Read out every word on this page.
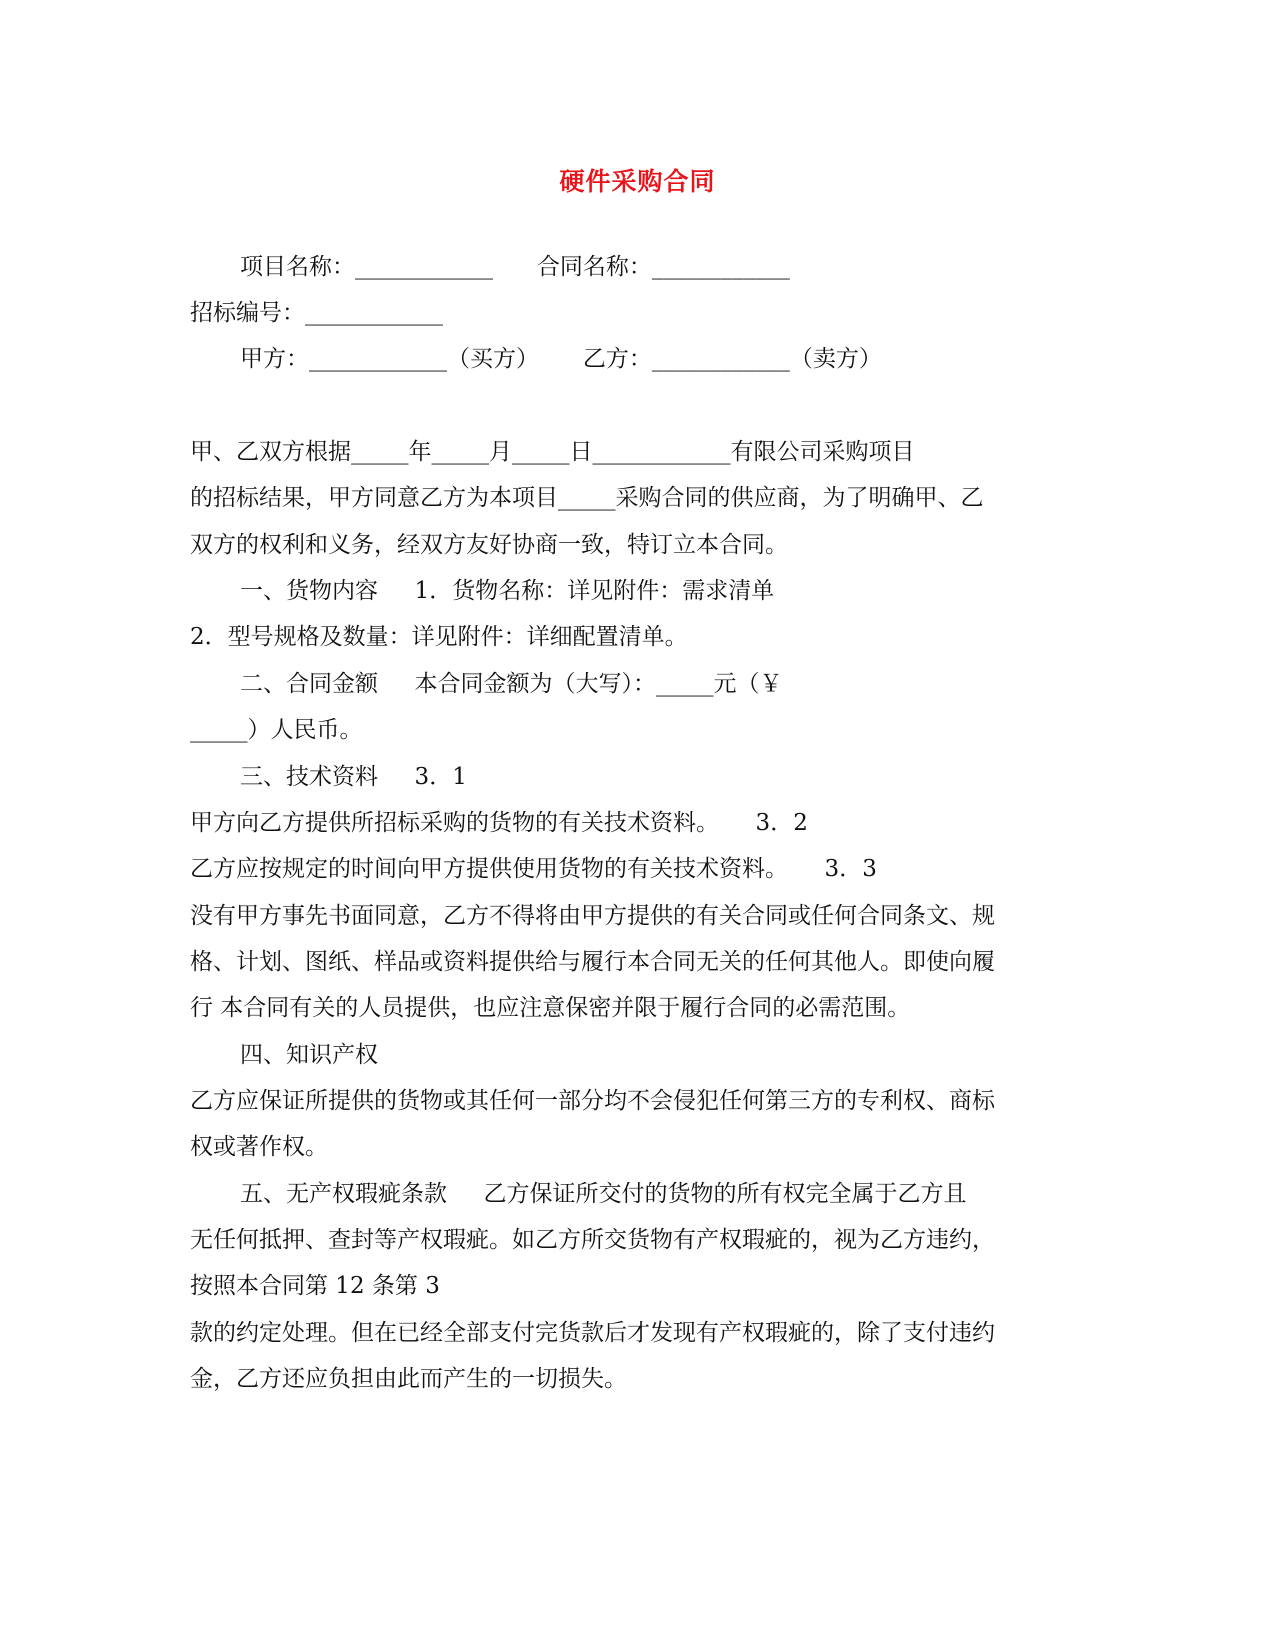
硬件采购合同
项目名称：____________      合同名称：____________
招标编号：____________
甲方：____________（买方）      乙方：____________（卖方）
甲、乙双方根据_____年_____月_____日____________有限公司采购项目
的招标结果，甲方同意乙方为本项目_____采购合同的供应商，为了明确甲、乙
双方的权利和义务，经双方友好协商一致，特订立本合同。
一、货物内容     1．货物名称：详见附件：需求清单
2．型号规格及数量：详见附件：详细配置清单。
二、合同金额     本合同金额为（大写）：_____元（￥
_____）人民币。
三、技术资料     3．1
甲方向乙方提供所招标采购的货物的有关技术资料。     3．2
乙方应按规定的时间向甲方提供使用货物的有关技术资料。     3．3
没有甲方事先书面同意，乙方不得将由甲方提供的有关合同或任何合同条文、规
格、计划、图纸、样品或资料提供给与履行本合同无关的任何其他人。即使向履
行 本合同有关的人员提供，也应注意保密并限于履行合同的必需范围。
四、知识产权
乙方应保证所提供的货物或其任何一部分均不会侵犯任何第三方的专利权、商标
权或著作权。
五、无产权瑕疵条款     乙方保证所交付的货物的所有权完全属于乙方且
无任何抵押、查封等产权瑕疵。如乙方所交货物有产权瑕疵的，视为乙方违约，
按照本合同第 12 条第 3
款的约定处理。但在已经全部支付完货款后才发现有产权瑕疵的，除了支付违约
金，乙方还应负担由此而产生的一切损失。
